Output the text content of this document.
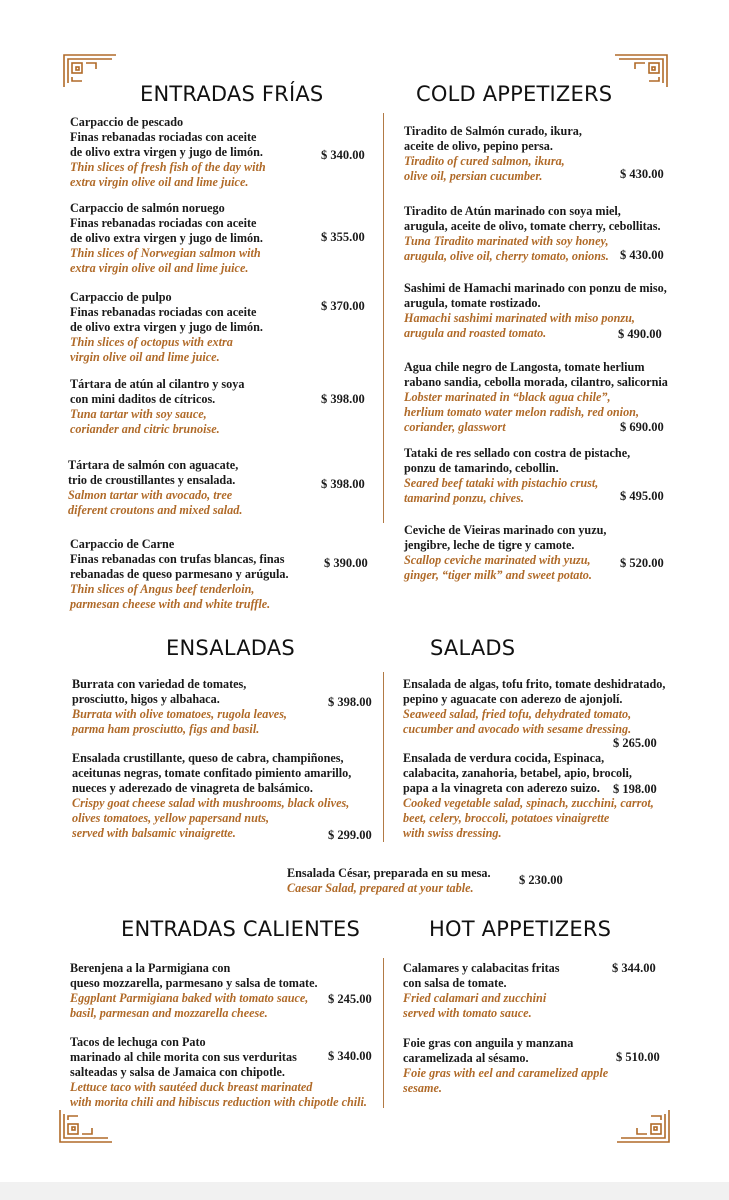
ENTRADAS FRÍAS	COLD APPETIZERS
ENSALADAS	SALADS
ENTRADAS CALIENTES	HOT APPETIZERS
Carpaccio de pescado
Finas rebanadas rociadas con aceite
de olivo extra virgen y jugo de limón.
Thin slices of fresh fish of the day with
extra virgin olive oil and lime juice.
$ 340.00
Carpaccio de salmón noruego
Finas rebanadas rociadas con aceite
de olivo extra virgen y jugo de limón.
Thin slices of Norwegian salmon with
extra virgin olive oil and lime juice.
$ 355.00
Carpaccio de pulpo
Finas rebanadas rociadas con aceite
de olivo extra virgen y jugo de limón.
Thin slices of octopus with extra
virgin olive oil and lime juice.
$ 370.00
Tártara de atún al cilantro y soya
con mini daditos de cítricos.
Tuna tartar with soy sauce,
coriander and citric brunoise.
$ 398.00
Tártara de salmón con aguacate,
trio de croustillantes y ensalada.
Salmon tartar with avocado, tree
diferent croutons and mixed salad.
$ 398.00
Carpaccio de Carne
Finas rebanadas con trufas blancas, finas
rebanadas de queso parmesano y arúgula.
Thin slices of Angus beef tenderloin,
parmesan cheese with and white truffle.
$ 390.00
Tiradito de Salmón curado, ikura,
aceite de olivo, pepino persa.
Tiradito of cured salmon, ikura,
olive oil, persian cucumber.	$ 430.00
Tiradito de Atún marinado con soya miel,
arugula, aceite de olivo, tomate cherry, cebollitas.
Tuna Tiradito marinated with soy honey,
arugula, olive oil, cherry tomato, onions. $ 430.00
Sashimi de Hamachi marinado con ponzu de miso,
arugula, tomate rostizado.
Hamachi sashimi marinated with miso ponzu,
arugula and roasted tomato.	$ 490.00
Agua chile negro de Langosta, tomate herlium
rabano sandia, cebolla morada, cilantro, salicornia
Lobster marinated in “black agua chile”,
herlium tomato water melon radish, red onion,
coriander, glasswort	$ 690.00
Tataki de res sellado con costra de pistache,
ponzu de tamarindo, cebollin.
Seared beef tataki with pistachio crust,
tamarind ponzu, chives.	$ 495.00
Ceviche de Vieiras marinado con yuzu,
jengibre, leche de tigre y camote.
Scallop ceviche marinated with yuzu,
ginger, “tiger milk” and sweet potato.
$ 520.00
Burrata con variedad de tomates,
prosciutto, higos y albahaca.
Burrata with olive tomatoes, rugola leaves,
parma ham prosciutto, figs and basil.
$ 398.00
Ensalada crustillante, queso de cabra, champiñones,
aceitunas negras, tomate confitado pimiento amarillo,
nueces y aderezado de vinagreta de balsámico.
Crispy goat cheese salad with mushrooms, black olives,
olives tomatoes, yellow papersand nuts,
served with balsamic vinaigrette.	$ 299.00
Ensalada de algas, tofu frito, tomate deshidratado,
pepino y aguacate con aderezo de ajonjolí.
Seaweed salad, fried tofu, dehydrated tomato,
cucumber and avocado with sesame dressing.
$ 265.00
Ensalada de verdura cocida, Espinaca,
calabacita, zanahoria, betabel, apio, brocoli,
papa a la vinagreta con aderezo suizo.
Cooked vegetable salad, spinach, zucchini, carrot,
beet, celery, broccoli, potatoes vinaigrette
with swiss dressing.
$ 198.00
Ensalada César, preparada en su mesa.
Caesar Salad, prepared at your table.
$ 230.00
Berenjena a la Parmigiana con
queso mozzarella, parmesano y salsa de tomate.
Eggplant Parmigiana baked with tomato sauce,
basil, parmesan and mozzarella cheese.
$ 245.00
Tacos de lechuga con Pato
marinado al chile morita con sus verduritas
salteadas y salsa de Jamaica con chipotle.
Lettuce taco with sautéed duck breast marinated
with morita chili and hibiscus reduction with chipotle chili.
$ 340.00
Calamares y calabacitas fritas
con salsa de tomate.
Fried calamari and zucchini
served with tomato sauce.
$ 344.00
Foie gras con anguila y manzana
caramelizada al sésamo.
Foie gras with eel and caramelized apple
sesame.
$ 510.00
